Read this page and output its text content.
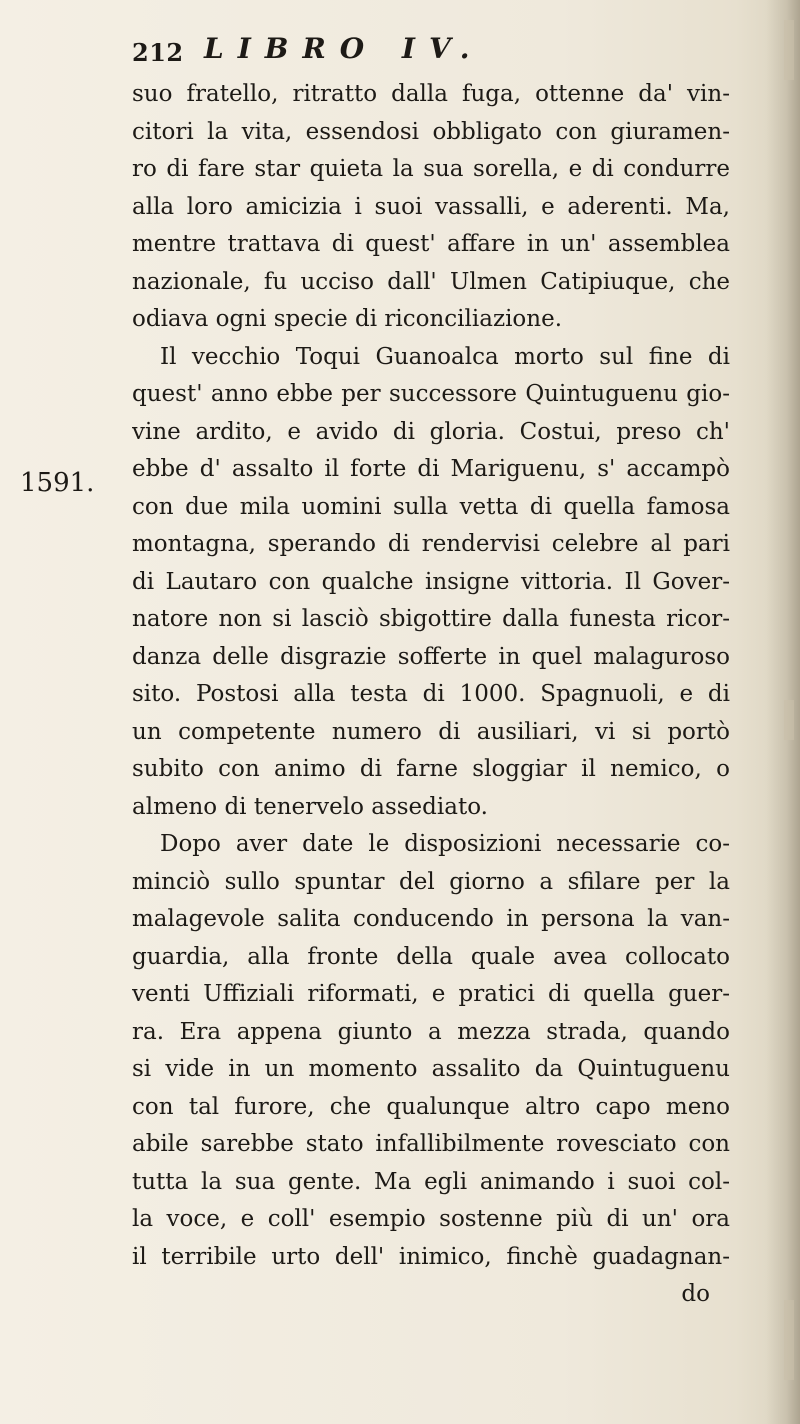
212 LIBRO IV.
1591.
suo fratello, ritratto dalla fuga, ottenne da' vin-
citori la vita, essendosi obbligato con giuramen-
ro di fare star quieta la sua sorella, e di condurre
alla loro amicizia i suoi vassalli, e aderenti. Ma,
mentre trattava di quest' affare in un' assemblea
nazionale, fu ucciso dall' Ulmen Catipiuque, che
odiava ogni specie di riconciliazione.
Il vecchio Toqui Guanoalca morto sul fine di
quest' anno ebbe per successore Quintuguenu gio-
vine ardito, e avido di gloria. Costui, preso ch'
ebbe d' assalto il forte di Mariguenu, s' accampò
con due mila uomini sulla vetta di quella famosa
montagna, sperando di rendervisi celebre al pari
di Lautaro con qualche insigne vittoria. Il Gover-
natore non si lasciò sbigottire dalla funesta ricor-
danza delle disgrazie sofferte in quel malaguroso
sito. Postosi alla testa di 1000. Spagnuoli, e di
un competente numero di ausiliari, vi si portò
subito con animo di farne sloggiar il nemico, o
almeno di tenervelo assediato.
Dopo aver date le disposizioni necessarie co-
minciò sullo spuntar del giorno a sfilare per la
malagevole salita conducendo in persona la van-
guardia, alla fronte della quale avea collocato
venti Uffiziali riformati, e pratici di quella guer-
ra. Era appena giunto a mezza strada, quando
si vide in un momento assalito da Quintuguenu
con tal furore, che qualunque altro capo meno
abile sarebbe stato infallibilmente rovesciato con
tutta la sua gente. Ma egli animando i suoi col-
la voce, e coll' esempio sostenne più di un' ora
il terribile urto dell' inimico, finchè guadagnan-
do
